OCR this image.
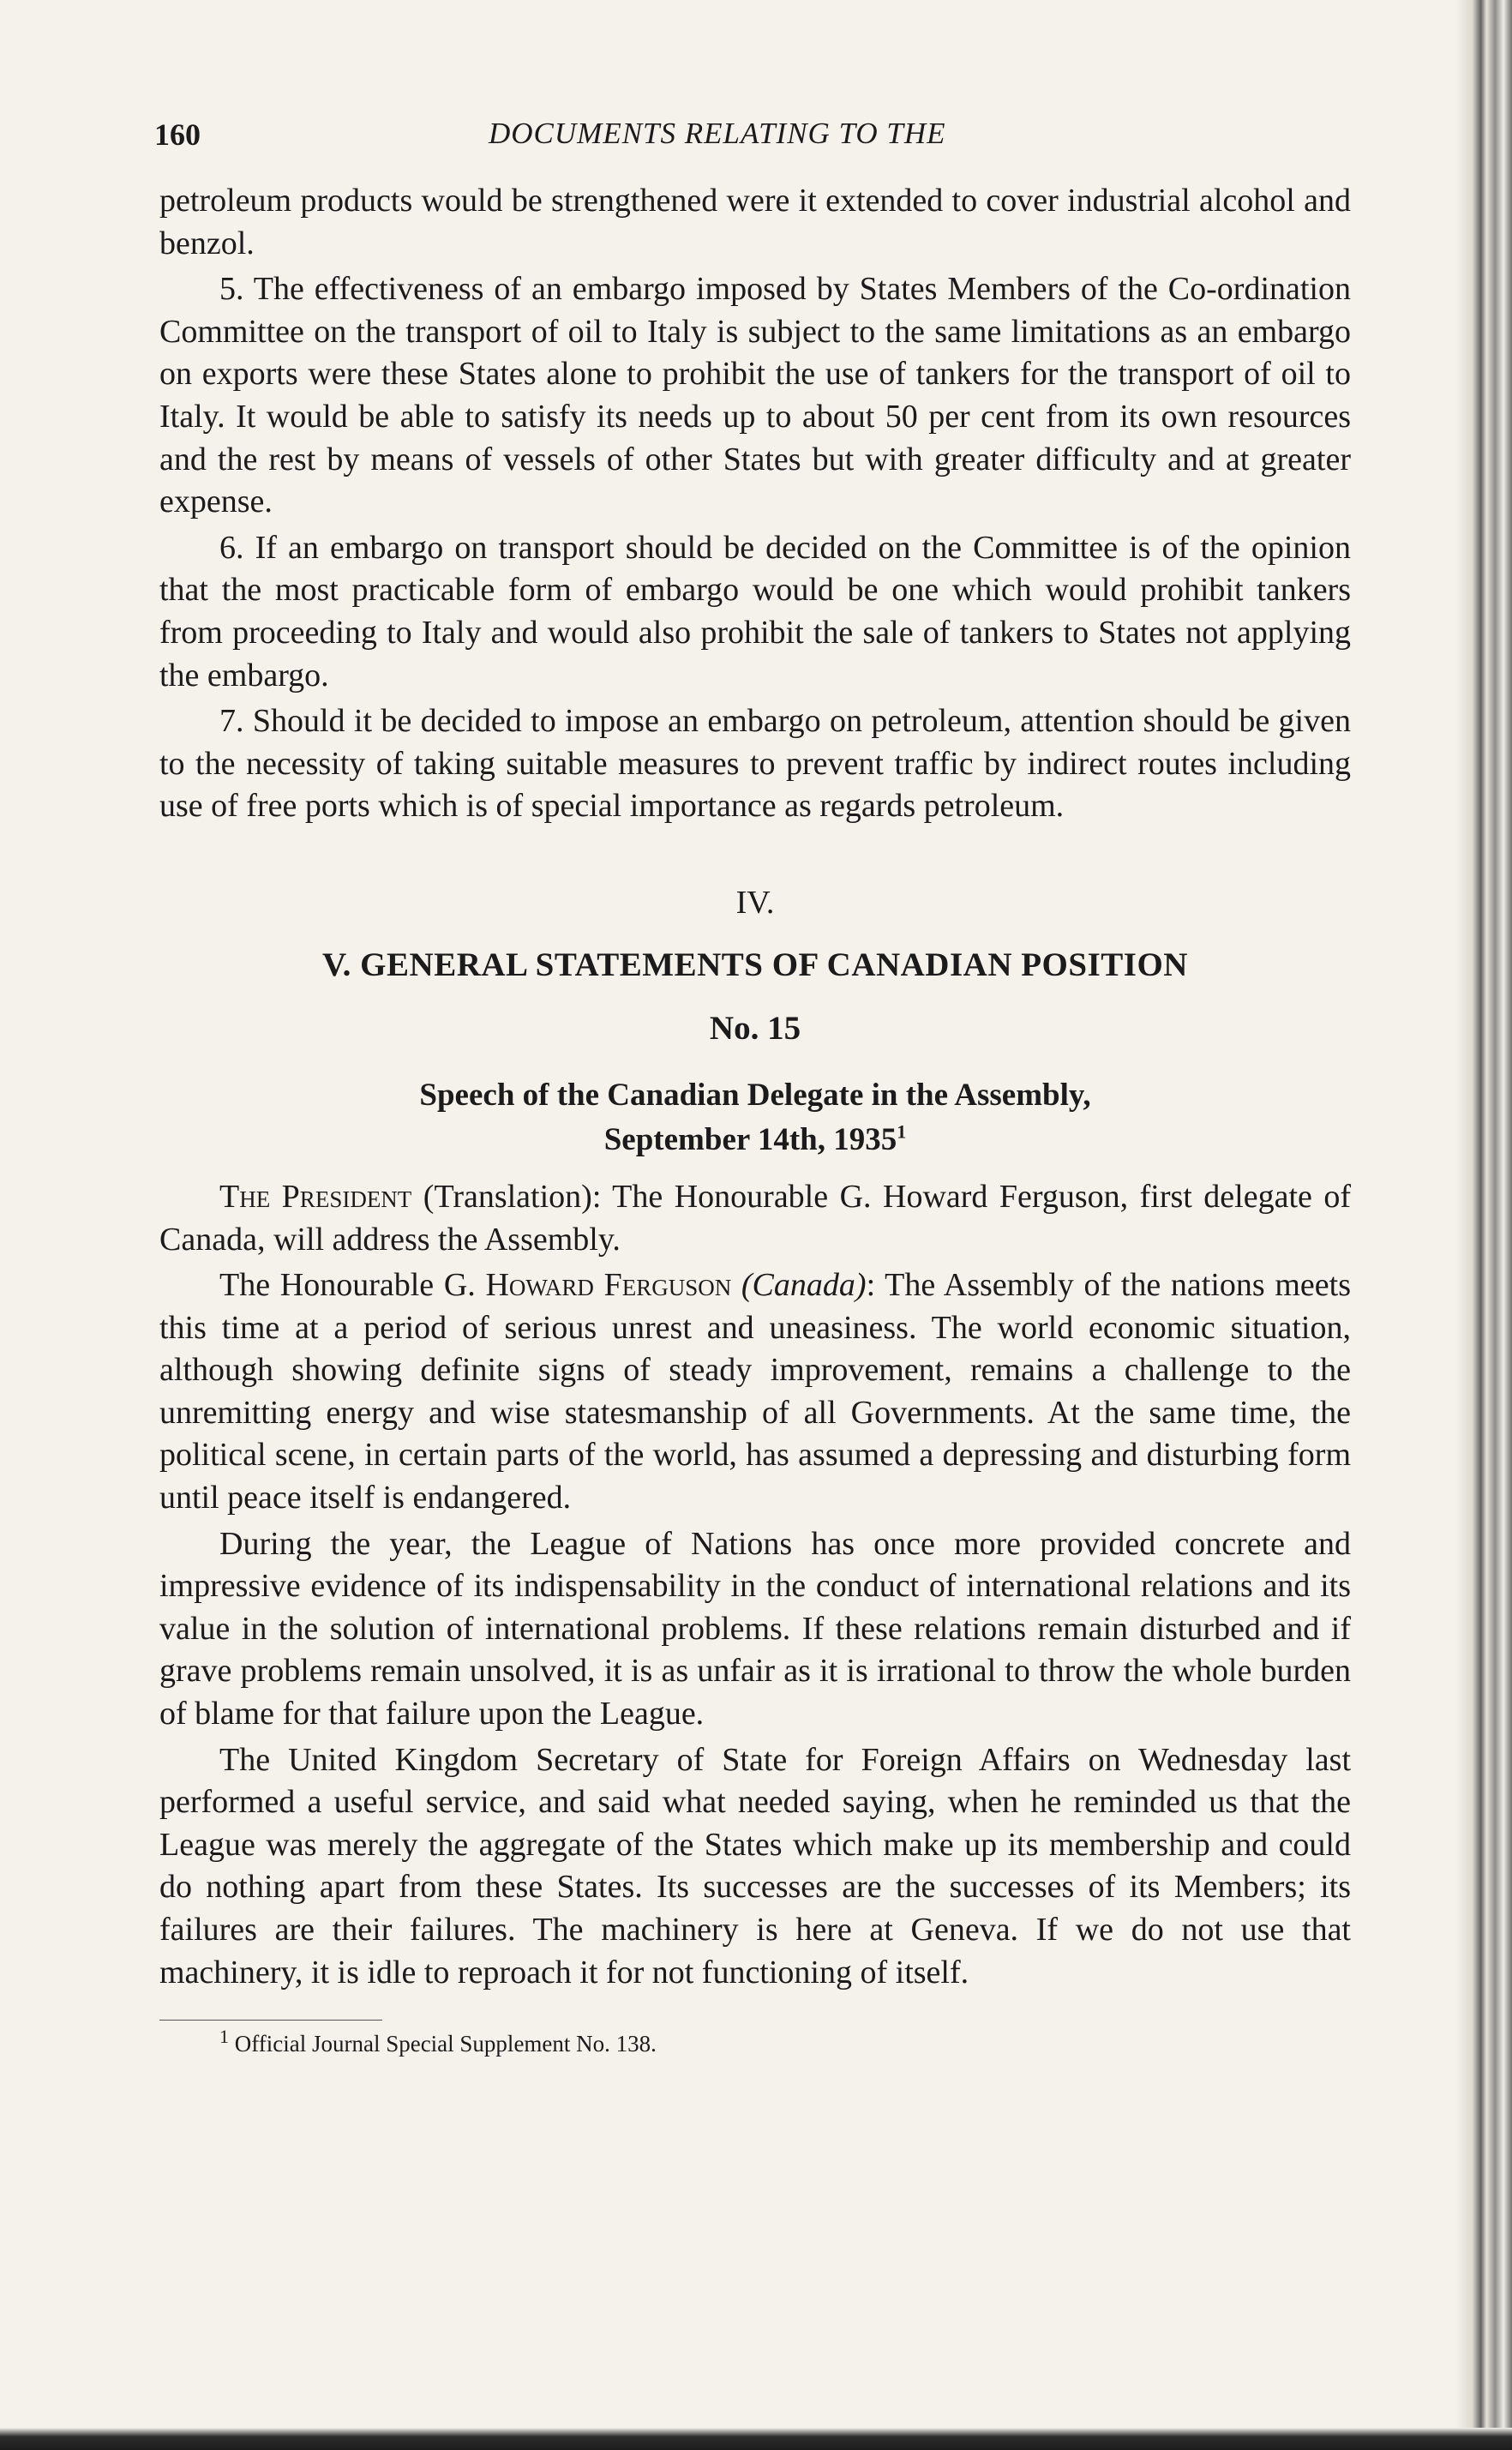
160	DOCUMENTS RELATING TO THE

petroleum products would be strengthened were it extended to cover industrial alcohol and benzol.

5. The effectiveness of an embargo imposed by States Members of the Co-ordination Committee on the transport of oil to Italy is subject to the same limitations as an embargo on exports were these States alone to prohibit the use of tankers for the transport of oil to Italy. It would be able to satisfy its needs up to about 50 per cent from its own resources and the rest by means of vessels of other States but with greater difficulty and at greater expense.

6. If an embargo on transport should be decided on the Committee is of the opinion that the most practicable form of embargo would be one which would prohibit tankers from proceeding to Italy and would also prohibit the sale of tankers to States not applying the embargo.

7. Should it be decided to impose an embargo on petroleum, attention should be given to the necessity of taking suitable measures to prevent traffic by indirect routes including use of free ports which is of special importance as regards petroleum.

IV.
V. GENERAL STATEMENTS OF CANADIAN POSITION
No. 15
Speech of the Canadian Delegate in the Assembly,
September 14th, 1935$^1$

The President (Translation): The Honourable G. Howard Ferguson, first delegate of Canada, will address the Assembly.

The Honourable G. Howard Ferguson (Canada): The Assembly of the nations meets this time at a period of serious unrest and uneasiness. The world economic situation, although showing definite signs of steady improvement, remains a challenge to the unremitting energy and wise statesmanship of all Governments. At the same time, the political scene, in certain parts of the world, has assumed a depressing and disturbing form until peace itself is endangered.

During the year, the League of Nations has once more provided concrete and impressive evidence of its indispensability in the conduct of international relations and its value in the solution of international problems. If these relations remain disturbed and if grave problems remain unsolved, it is as unfair as it is irrational to throw the whole burden of blame for that failure upon the League.

The United Kingdom Secretary of State for Foreign Affairs on Wednesday last performed a useful service, and said what needed saying, when he reminded us that the League was merely the aggregate of the States which make up its membership and could do nothing apart from these States. Its successes are the successes of its Members; its failures are their failures. The machinery is here at Geneva. If we do not use that machinery, it is idle to reproach it for not functioning of itself.

$^1$ Official Journal Special Supplement No. 138.
